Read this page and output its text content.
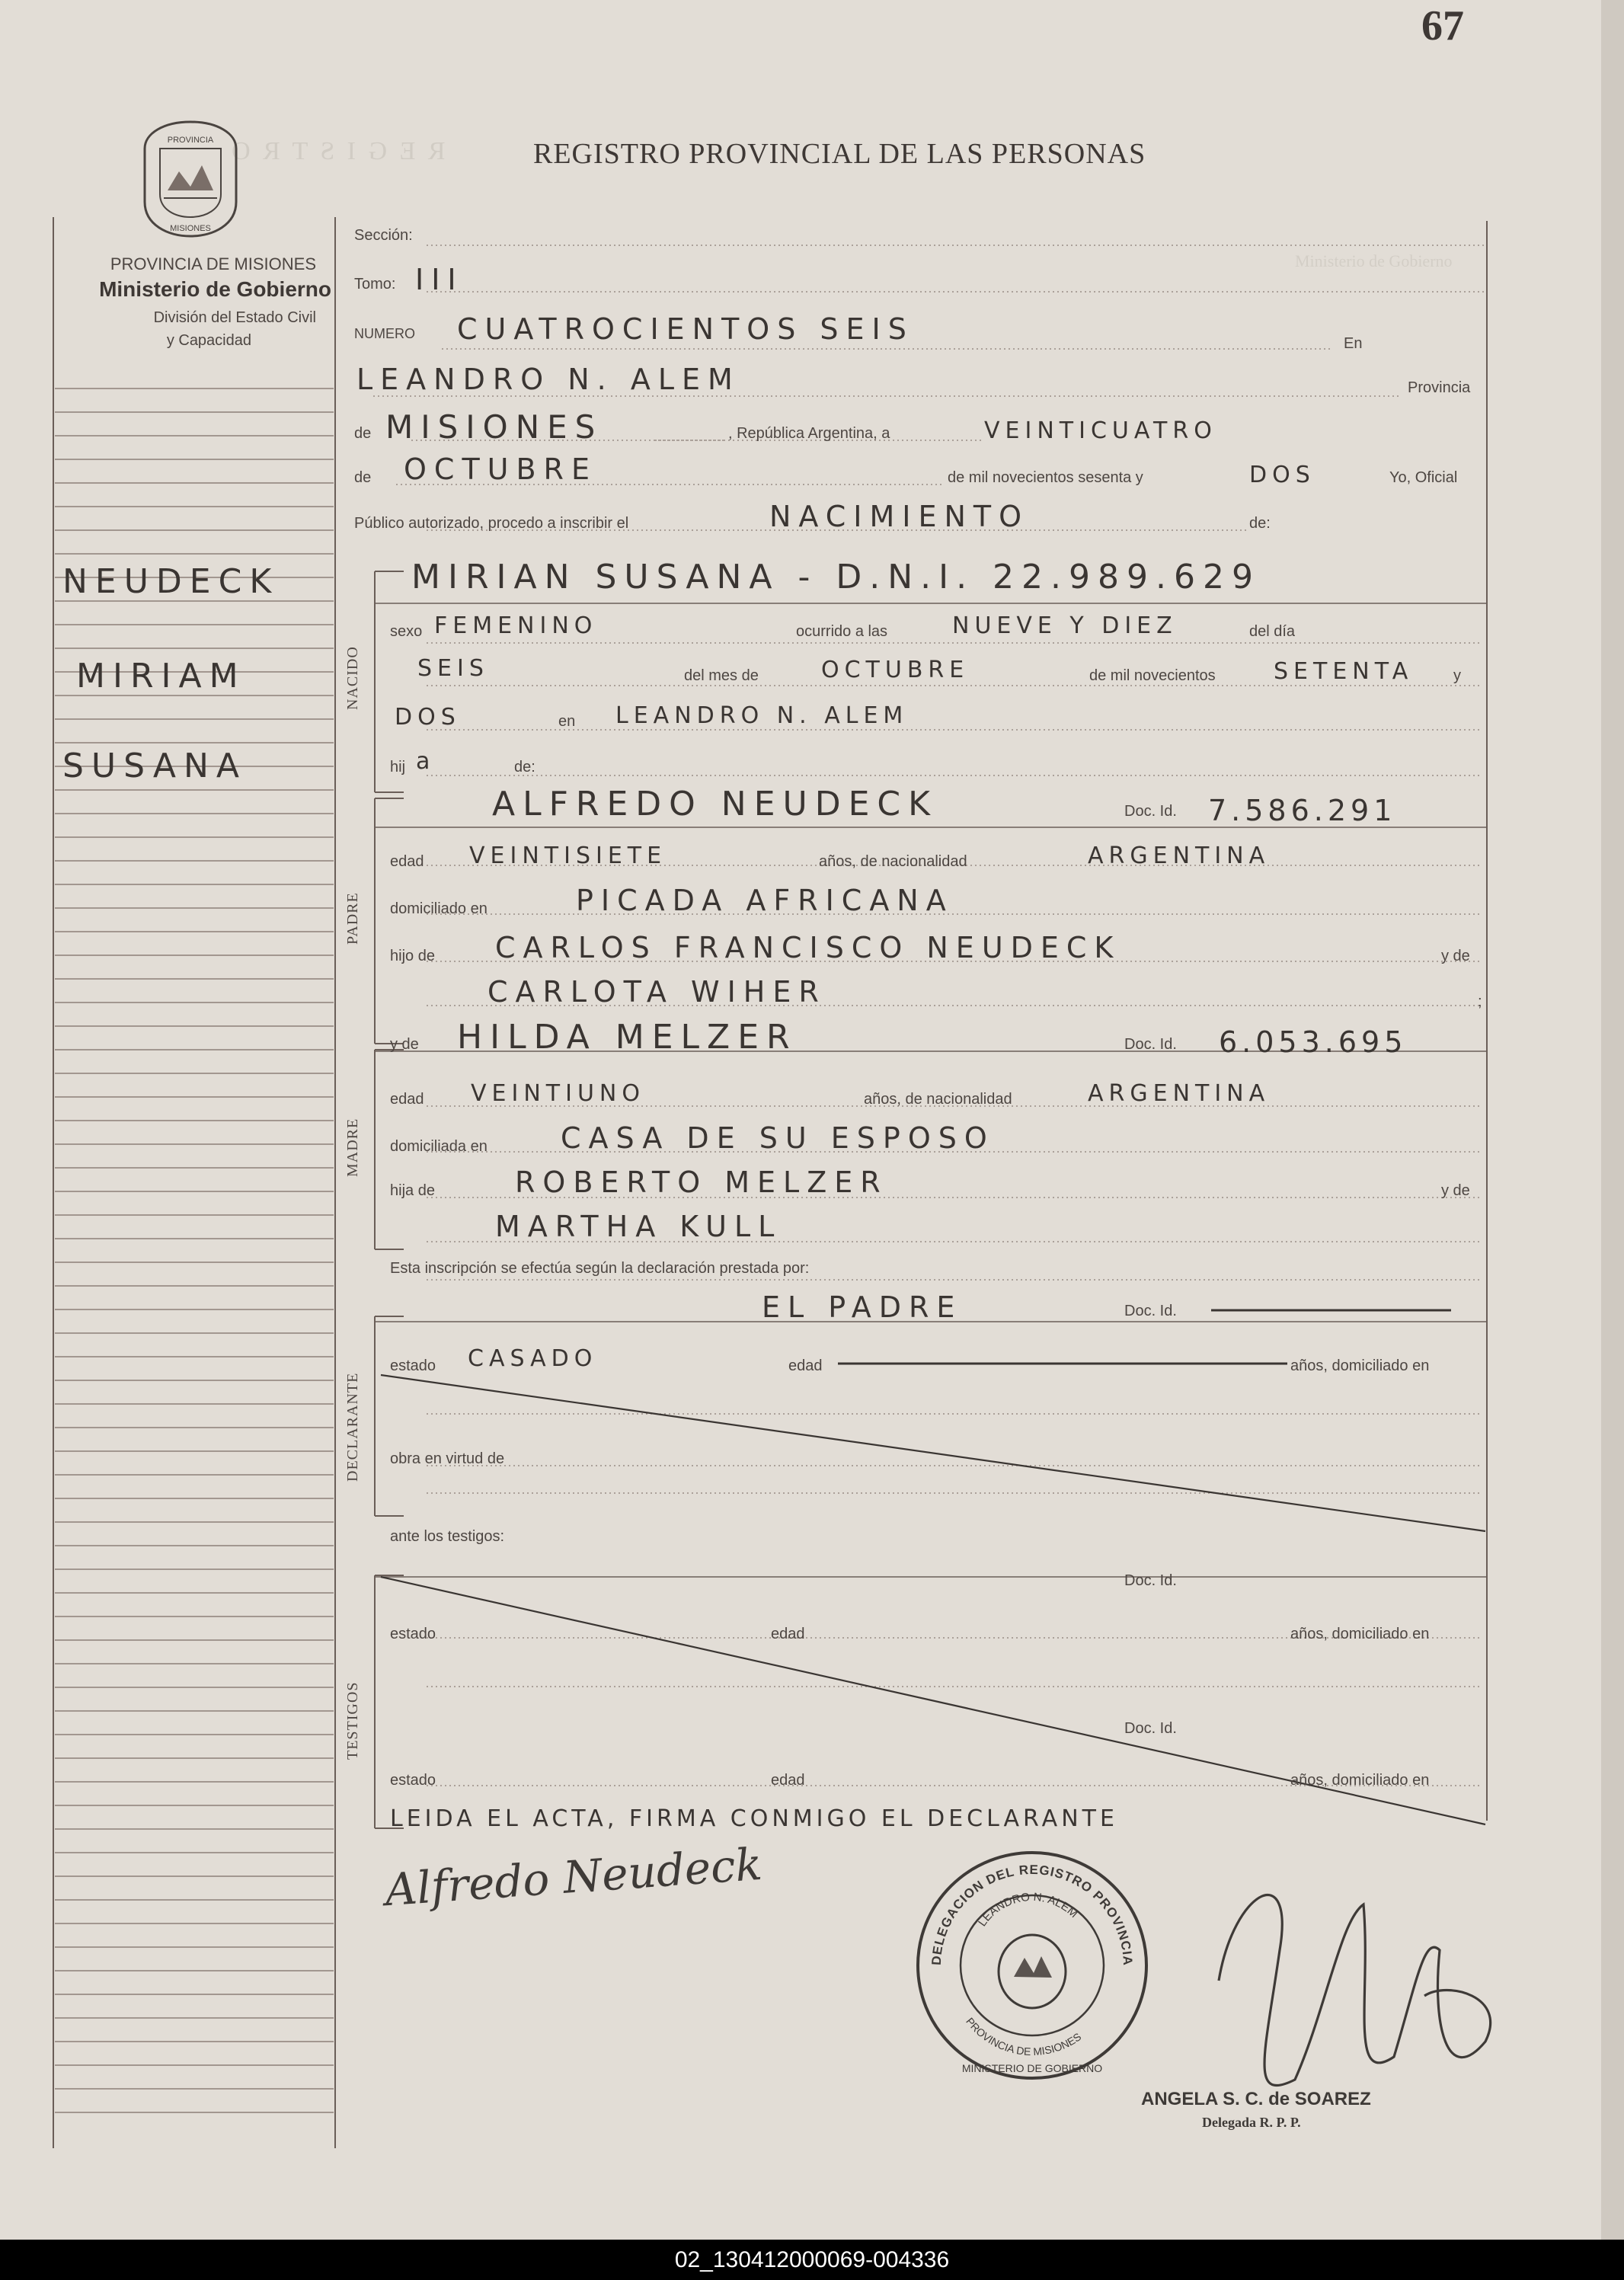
R E G I S T R O
Ministerio de Gobierno
67
REGISTRO PROVINCIAL DE LAS PERSONAS
PROVINCIA
MISIONES
PROVINCIA DE MISIONES
Ministerio de Gobierno
División del Estado Civil
y Capacidad
NEUDECK
MIRIAM
SUSANA
NACIDO
PADRE
MADRE
DECLARANTE
TESTIGOS
Sección:
Tomo: III
NUMERO CUATROCIENTOS SEIS	En
LEANDRO N. ALEM	Provincia
de MISIONES	, República Argentina, a	VEINTICUATRO
de OCTUBRE	de mil novecientos sesenta y	DOS	Yo, Oficial
Público autorizado, procedo a inscribir el	NACIMIENTO	de:
MIRIAN SUSANA - D.N.I. 22.989.629
sexo FEMENINO	ocurrido a las	NUEVE Y DIEZ	del día
SEIS	del mes de	OCTUBRE	de mil novecientos	SETENTA	y
DOS	en LEANDRO N. ALEM
hij a	de:
ALFREDO NEUDECK	Doc. Id. 7.586.291
edad VEINTISIETE	años, de nacionalidad	ARGENTINA
domiciliado en	PICADA AFRICANA
hijo de CARLOS FRANCISCO NEUDECK	y de
CARLOTA WIHER	;
y de HILDA MELZER	Doc. Id. 6.053.695
edad VEINTIUNO	años, de nacionalidad	ARGENTINA
domiciliada en	CASA DE SU ESPOSO
hija de	ROBERTO MELZER	y de
MARTHA KULL
Esta inscripción se efectúa según la declaración prestada por:
EL PADRE	Doc. Id.
estado CASADO	edad	años, domiciliado en
obra en virtud de
ante los testigos:
Doc. Id.
estado	edad	años, domiciliado en
Doc. Id.
estado	edad	años, domiciliado en
LEIDA EL ACTA, FIRMA CONMIGO EL DECLARANTE
Alfredo Neudeck
DELEGACION DEL REGISTRO PROVINCIA
LEANDRO N. ALEM
PROVINCIA DE MISIONES
MINISTERIO DE GOBIERNO
ANGELA S. C. de SOAREZ
Delegada R. P. P.
02_130412000069-004336
